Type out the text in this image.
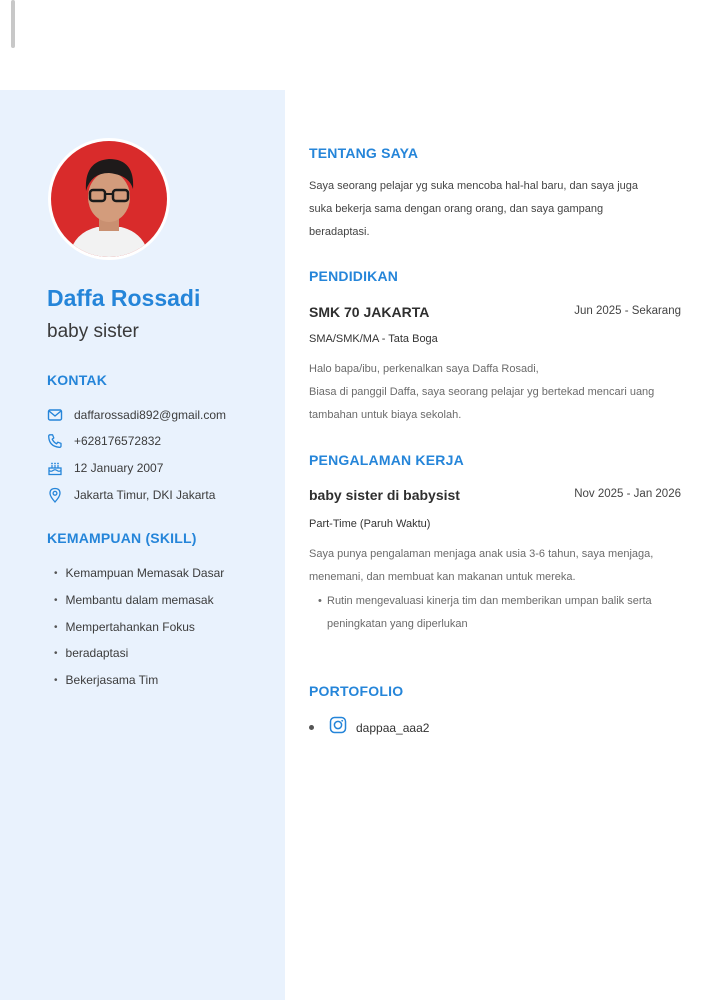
Daffa Rossadi
baby sister
KONTAK
daffarossadi892@gmail.com
+628176572832
12 January 2007
Jakarta Timur, DKI Jakarta
KEMAMPUAN (SKILL)
• Kemampuan Memasak Dasar
• Membantu dalam memasak
• Mempertahankan Fokus
• beradaptasi
• Bekerjasama Tim
TENTANG SAYA
Saya seorang pelajar yg suka mencoba hal-hal baru, dan saya juga
suka bekerja sama dengan orang orang, dan saya gampang
beradaptasi.
PENDIDIKAN
SMK 70 JAKARTA	Jun 2025 - Sekarang
SMA/SMK/MA - Tata Boga
Halo bapa/ibu, perkenalkan saya Daffa Rosadi,
Biasa di panggil Daffa, saya seorang pelajar yg bertekad mencari uang
tambahan untuk biaya sekolah.
PENGALAMAN KERJA
baby sister di babysist	Nov 2025 - Jan 2026
Part-Time (Paruh Waktu)
Saya punya pengalaman menjaga anak usia 3-6 tahun, saya menjaga,
menemani, dan membuat kan makanan untuk mereka.
• Rutin mengevaluasi kinerja tim dan memberikan umpan balik serta
peningkatan yang diperlukan
PORTOFOLIO
dappaa_aaa2
